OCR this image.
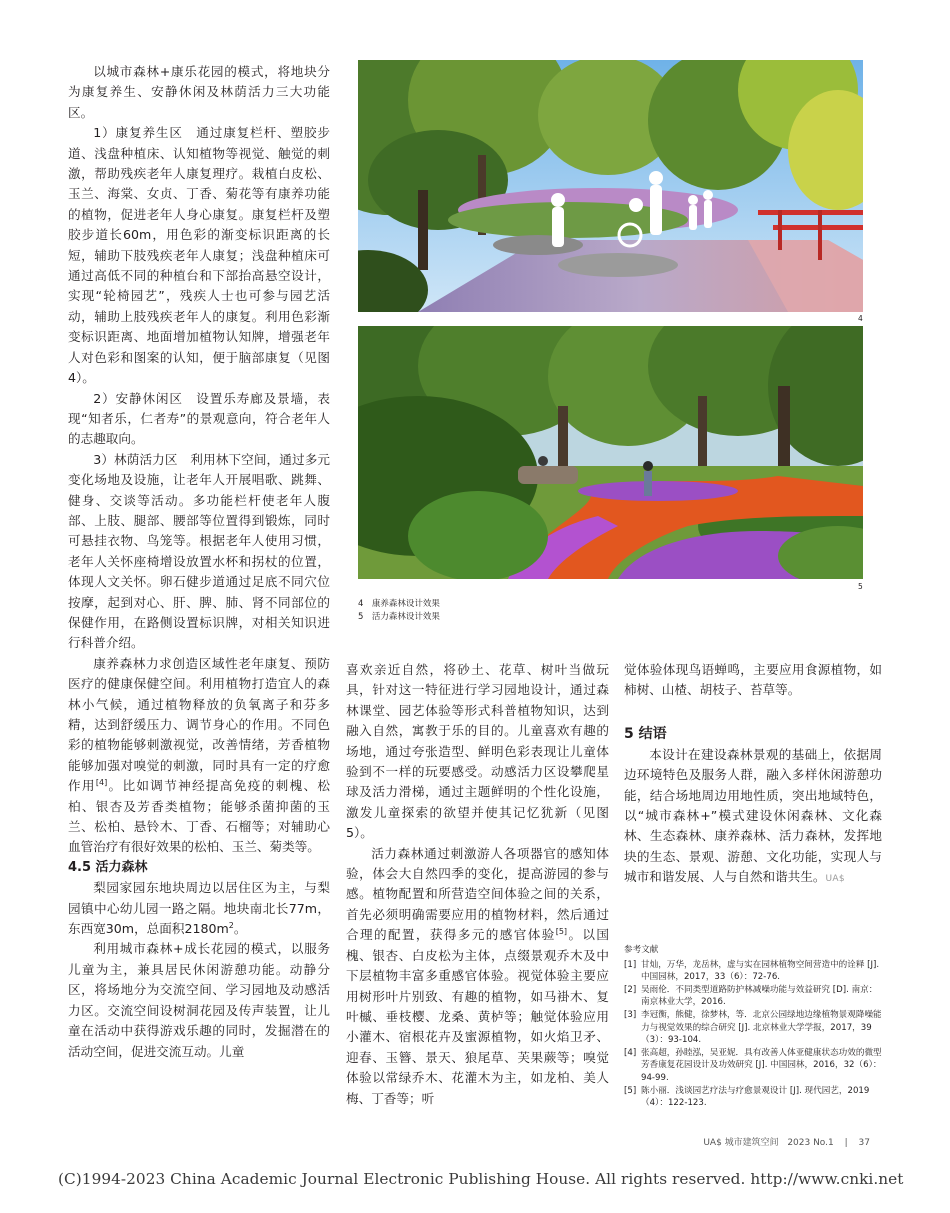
以城市森林+康乐花园的模式，将地块分为康复养生、安静休闲及林荫活力三大功能区。

1）康复养生区　通过康复栏杆、塑胶步道、浅盘种植床、认知植物等视觉、触觉的刺激，帮助残疾老年人康复理疗。栽植白皮松、玉兰、海棠、女贞、丁香、菊花等有康养功能的植物，促进老年人身心康复。康复栏杆及塑胶步道长60m，用色彩的渐变标识距离的长短，辅助下肢残疾老年人康复；浅盘种植床可通过高低不同的种植台和下部抬高悬空设计，实现“轮椅园艺”，残疾人士也可参与园艺活动，辅助上肢残疾老年人的康复。利用色彩渐变标识距离、地面增加植物认知牌，增强老年人对色彩和图案的认知，便于脑部康复（见图4）。

2）安静休闲区　设置乐寿廊及景墙，表现“知者乐，仁者寿”的景观意向，符合老年人的志趣取向。

3）林荫活力区　利用林下空间，通过多元变化场地及设施，让老年人开展唱歌、跳舞、健身、交谈等活动。多功能栏杆使老年人腹部、上肢、腿部、腰部等位置得到锻炼，同时可悬挂衣物、鸟笼等。根据老年人使用习惯，老年人关怀座椅增设放置水杯和拐杖的位置，体现人文关怀。卵石健步道通过足底不同穴位按摩，起到对心、肝、脾、肺、肾不同部位的保健作用，在路侧设置标识牌，对相关知识进行科普介绍。

康养森林力求创造区域性老年康复、预防医疗的健康保健空间。利用植物打造宜人的森林小气候，通过植物释放的负氧离子和芬多精，达到舒缓压力、调节身心的作用。不同色彩的植物能够刺激视觉，改善情绪，芳香植物能够加强对嗅觉的刺激，同时具有一定的疗愈作用[4]。比如调节神经提高免疫的刺槐、松柏、银杏及芳香类植物；能够杀菌抑菌的玉兰、松柏、悬铃木、丁香、石榴等；对辅助心血管治疗有很好效果的松柏、玉兰、菊类等。

4.5 活力森林

梨园家园东地块周边以居住区为主，与梨园镇中心幼儿园一路之隔。地块南北长77m，东西宽30m，总面积$2180m^2$。

利用城市森林+成长花园的模式，以服务儿童为主，兼具居民休闲游憩功能。动静分区，将场地分为交流空间、学习园地及动感活力区。交流空间设树洞花园及传声装置，让儿童在活动中获得游戏乐趣的同时，发掘潜在的活动空间，促进交流互动。儿童

4
5
4　康养森林设计效果
5　活力森林设计效果

喜欢亲近自然，将砂土、花草、树叶当做玩具，针对这一特征进行学习园地设计，通过森林课堂、园艺体验等形式科普植物知识，达到融入自然，寓教于乐的目的。儿童喜欢有趣的场地，通过夸张造型、鲜明色彩表现让儿童体验到不一样的玩要感受。动感活力区设攀爬星球及活力滑梯，通过主题鲜明的个性化设施，激发儿童探索的欲望并使其记忆犹新（见图5）。

活力森林通过刺激游人各项器官的感知体验，体会大自然四季的变化，提高游园的参与感。植物配置和所营造空间体验之间的关系，首先必须明确需要应用的植物材料，然后通过合理的配置，获得多元的感官体验[5]。以国槐、银杏、白皮松为主体，点缀景观乔木及中下层植物丰富多重感官体验。视觉体验主要应用树形叶片别致、有趣的植物，如马褂木、复叶槭、垂枝樱、龙桑、黄栌等；触觉体验应用小灌木、宿根花卉及蜜源植物，如火焰卫矛、迎春、玉簪、景天、狼尾草、芙果蕨等；嗅觉体验以常绿乔木、花灌木为主，如龙柏、美人梅、丁香等；听

觉体验体现鸟语蝉鸣，主要应用食源植物，如柿树、山楂、胡枝子、苔草等。

5 结语

本设计在建设森林景观的基础上，依据周边环境特色及服务人群，融入多样休闲游憩功能，结合场地周边用地性质，突出地域特色，以“城市森林+”模式建设休闲森林、文化森林、生态森林、康养森林、活力森林，发挥地块的生态、景观、游憩、文化功能，实现人与城市和谐发展、人与自然和谐共生。UA$

参考文献
[1] 甘灿，万华，龙岳林，虚与实在园林植物空间营造中的诠释 [J]. 中国园林，2017，33（6）：72-76.
[2] 吴雨伦．不同类型道路防护林减噪功能与效益研究 [D]. 南京：南京林业大学，2016.
[3] 李冠衡，熊健，徐梦林，等．北京公园绿地边缘植物景观降噪能力与视觉效果的综合研究 [J]. 北京林业大学学报，2017，39（3）：93-104.
[4] 张高超，孙睦泓，吴亚妮．具有改善人体亚健康状态功效的微型芳香康复花园设计及功效研究 [J]. 中国园林，2016，32（6）：94-99.
[5] 陈小丽．浅谈园艺疗法与疗愈景观设计 [J]. 现代园艺，2019（4）：122-123.
UA$ 城市建筑空间 2023 No.1 | 37
(C)1994-2023 China Academic Journal Electronic Publishing House. All rights reserved. http://www.cnki.net
